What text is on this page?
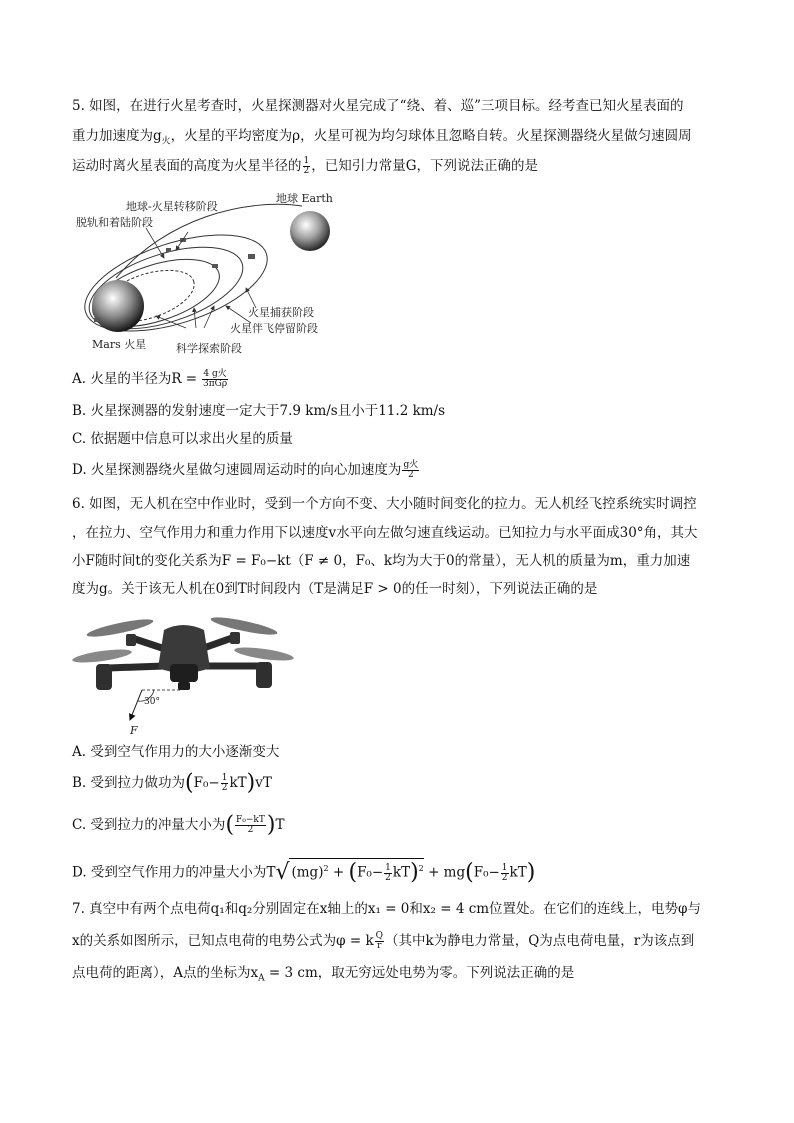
5. 如图，在进行火星考查时，火星探测器对火星完成了“绕、着、巡”三项目标。经考查已知火星表面的
重力加速度为$g_火$，火星的平均密度为ρ，火星可视为均匀球体且忽略自转。火星探测器绕火星做匀速圆周
运动时离火星表面的高度为火星半径的 $\frac{1}{2}$ ，已知引力常量G，下列说法正确的是
地球 Earth
地球-火星转移阶段
脱轨和着陆阶段
火星捕获阶段
火星伴飞停留阶段
科学探索阶段
Mars 火星
A. 火星的半径为$R = \frac{\text{4 g火}}{\text{3πGρ}}$
B. 火星探测器的发射速度一定大于7.9 km/s且小于11.2 km/s
C. 依据题中信息可以求出火星的质量
D. 火星探测器绕火星做匀速圆周运动时的向心加速度为 $\frac{\text{g火}}{2}$
6. 如图，无人机在空中作业时，受到一个方向不变、大小随时间变化的拉力。无人机经飞控系统实时调控
，在拉力、空气作用力和重力作用下以速度v水平向左做匀速直线运动。已知拉力与水平面成30°角，其大
小F随时间t的变化关系为F = F₀−kt（F ≠ 0，F₀、k均为大于0的常量），无人机的质量为m，重力加速
度为g。关于该无人机在0到T时间段内（T是满足F > 0的任一时刻），下列说法正确的是
30°
F
A. 受到空气作用力的大小逐渐变大
B. 受到拉力做功为$(F_0- \frac{1}{2} kT)vT$
C. 受到拉力的冲量大小为( $\frac{\text{F₀−kT}}{2} )T$
D. 受到空气作用力的冲量大小为T√ $(mg)^2 + (F_0- \frac{1}{2} kT)^2 + mg(F_0- \frac{1}{2} kT)$
7. 真空中有两个点电荷q₁和q₂分别固定在x轴上的x₁ = 0和x₂ = 4 cm位置处。在它们的连线上，电势φ与
x的关系如图所示，已知点电荷的电势公式为φ = k $\frac{Q}{r}$ （其中k为静电力常量，Q为点电荷电量，r为该点到
点电荷的距离），A点的坐标为$x_A = 3$ cm，取无穷远处电势为零。下列说法正确的是
